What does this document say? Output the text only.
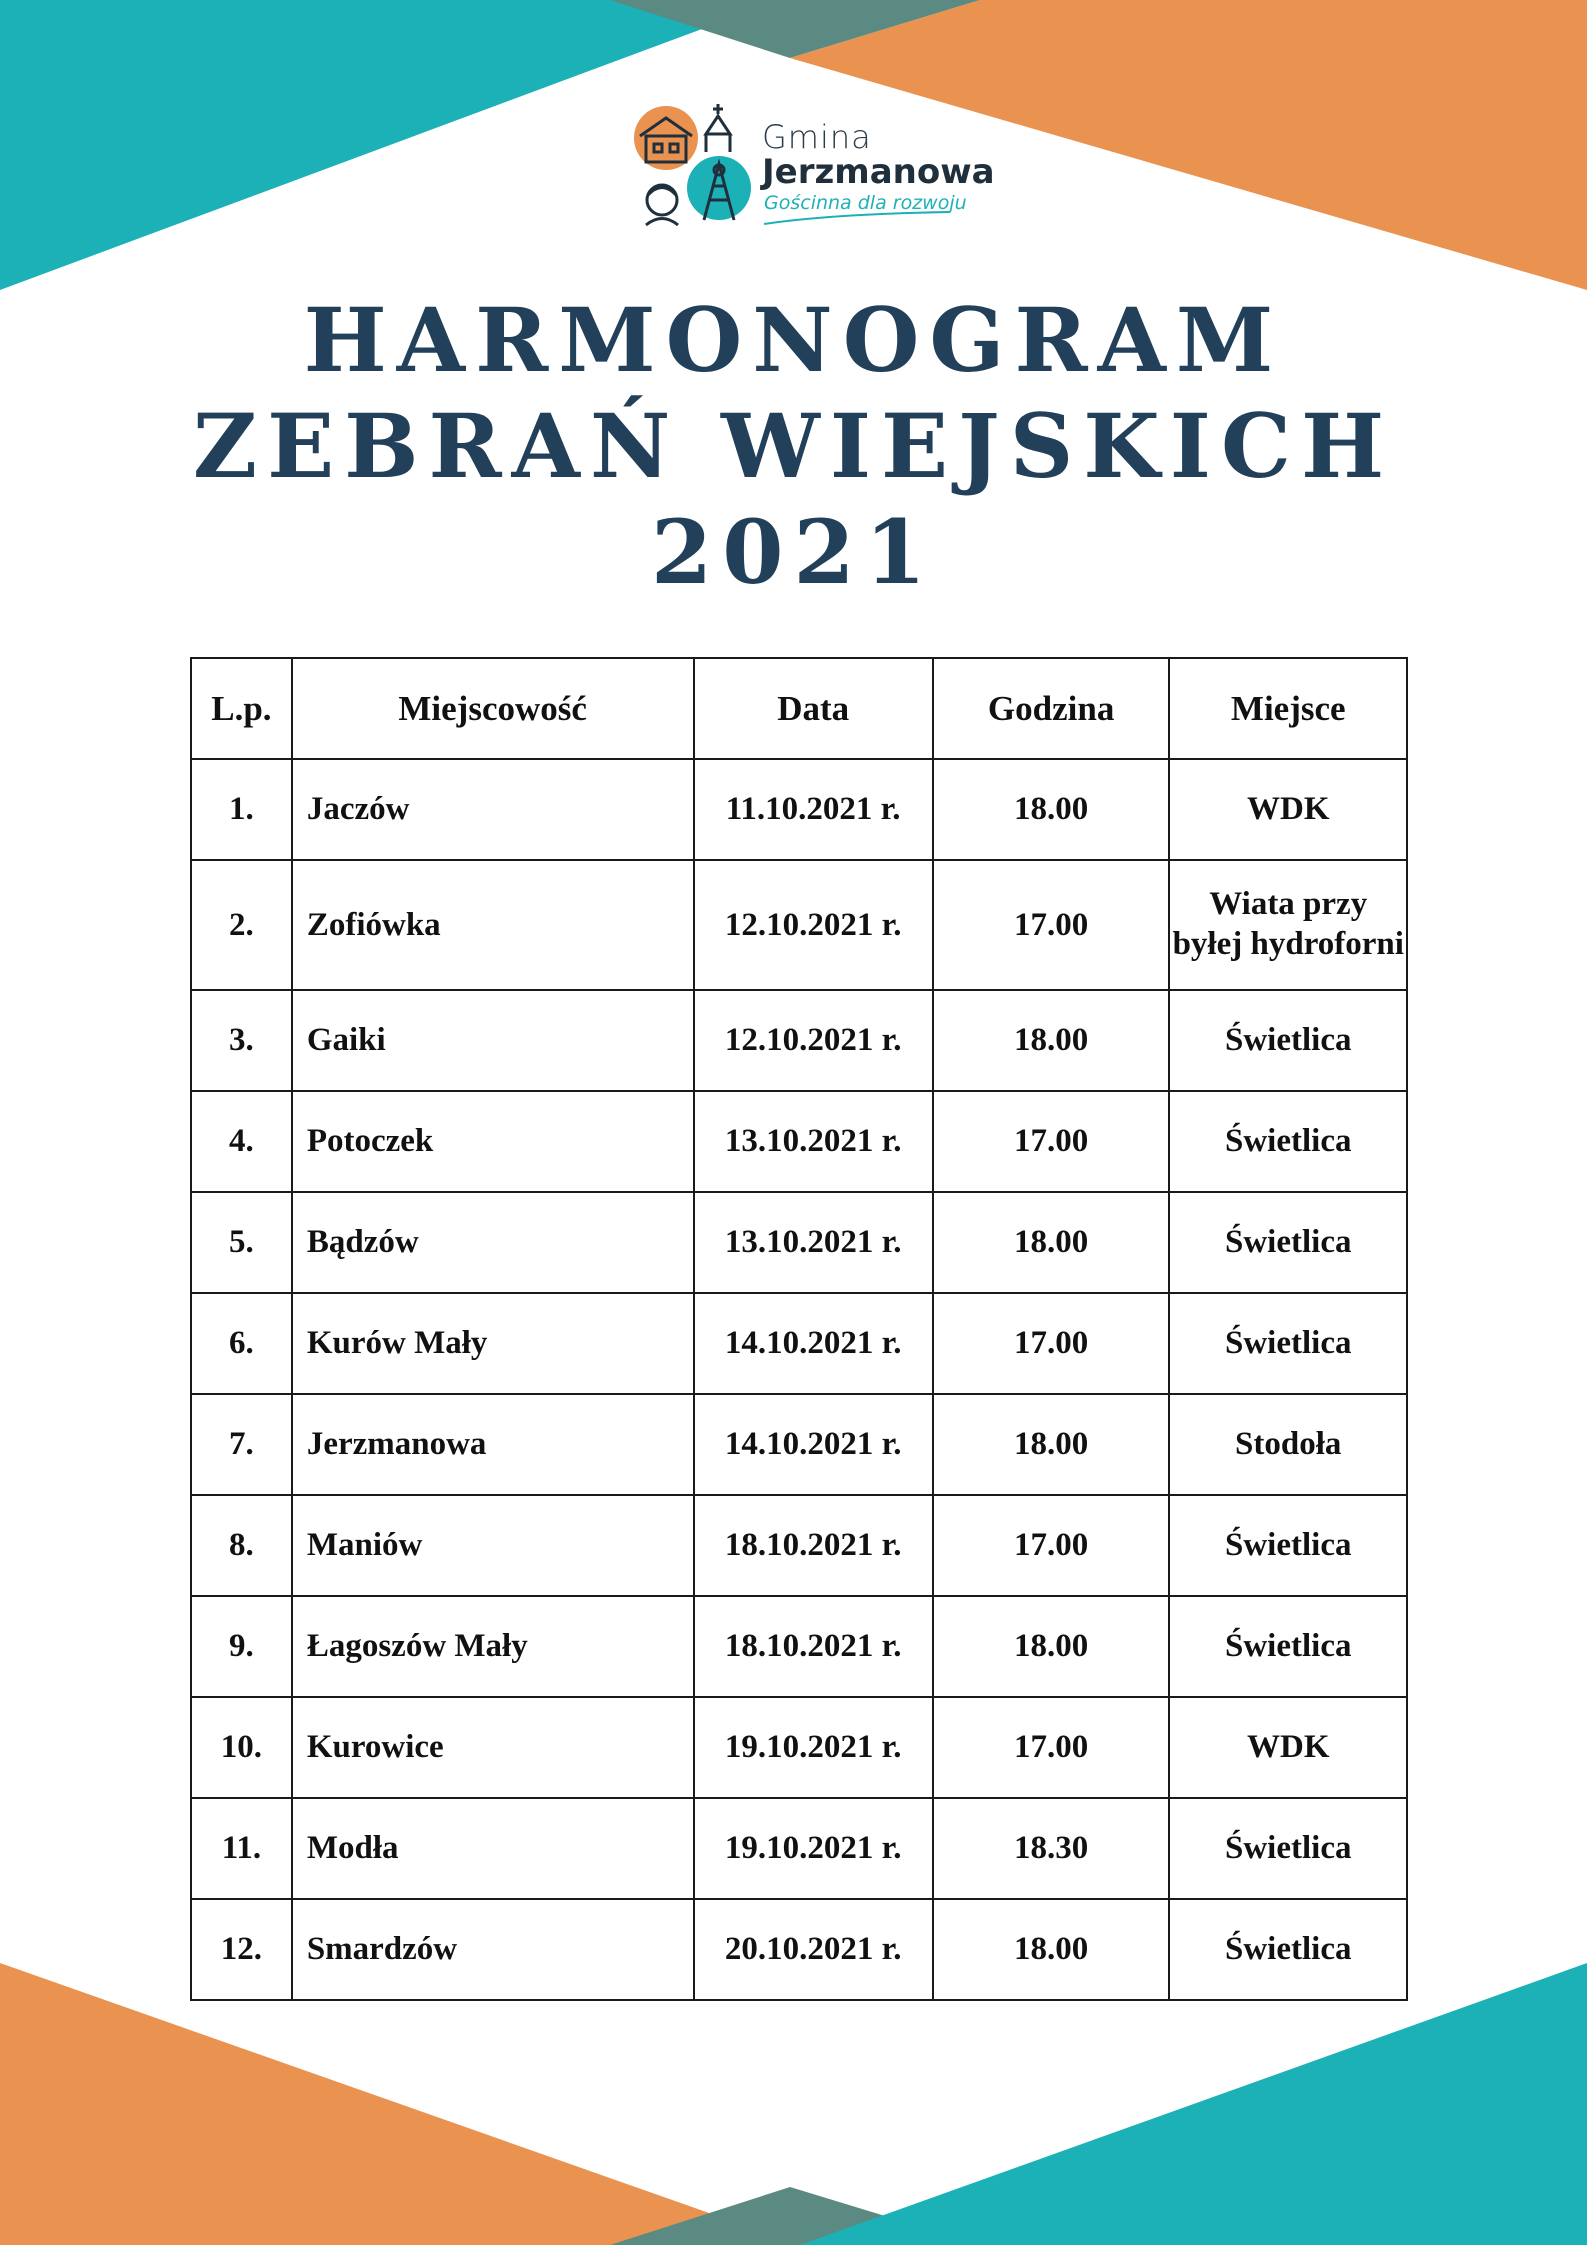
Gmina
Jerzmanowa
Gościnna dla rozwoju
HARMONOGRAM
ZEBRAŃ WIEJSKICH
2021
L.p.	Miejscowość	Data	Godzina	Miejsce
1.	Jaczów	11.10.2021 r.	18.00	WDK
2.	Zofiówka	12.10.2021 r.	17.00	Wiata przy byłej hydroforni
3.	Gaiki	12.10.2021 r.	18.00	Świetlica
4.	Potoczek	13.10.2021 r.	17.00	Świetlica
5.	Bądzów	13.10.2021 r.	18.00	Świetlica
6.	Kurów Mały	14.10.2021 r.	17.00	Świetlica
7.	Jerzmanowa	14.10.2021 r.	18.00	Stodoła
8.	Maniów	18.10.2021 r.	17.00	Świetlica
9.	Łagoszów Mały	18.10.2021 r.	18.00	Świetlica
10.	Kurowice	19.10.2021 r.	17.00	WDK
11.	Modła	19.10.2021 r.	18.30	Świetlica
12.	Smardzów	20.10.2021 r.	18.00	Świetlica
